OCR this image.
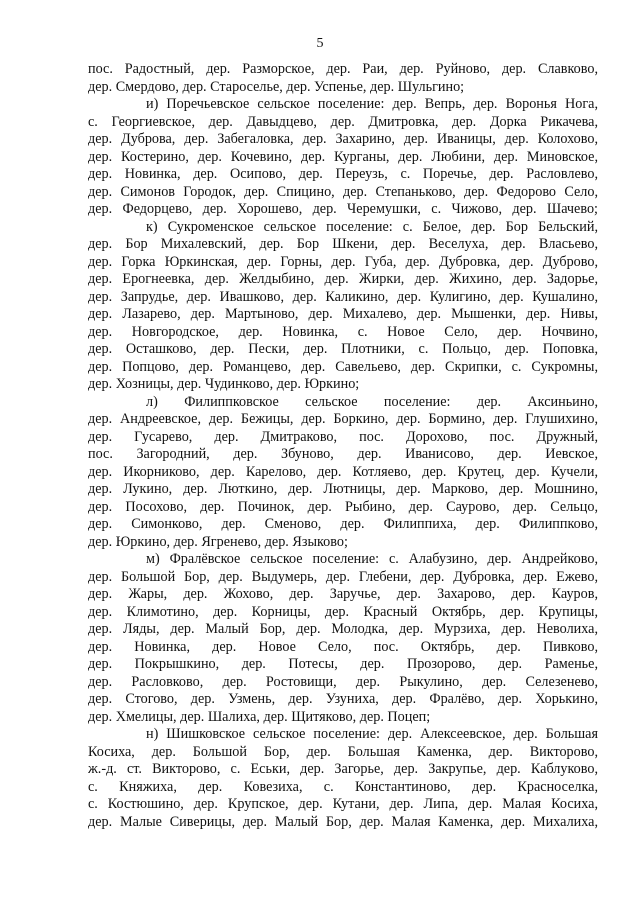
5
пос. Радостный, дер. Разморское, дер. Раи, дер. Руйново, дер. Славково,
дер. Смердово, дер. Староселье, дер. Успенье, дер. Шульгино;
и) Поречьевское сельское поселение: дер. Вепрь, дер. Воронья Нога,
с. Георгиевское, дер. Давыдцево, дер. Дмитровка, дер. Дорка Рикачева,
дер. Дуброва, дер. Забегаловка, дер. Захарино, дер. Иваницы, дер. Колохово,
дер. Костерино, дер. Кочевино, дер. Курганы, дер. Любини, дер. Миновское,
дер. Новинка, дер. Осипово, дер. Переузь, с. Поречье, дер. Расловлево,
дер. Симонов Городок, дер. Спицино, дер. Степаньково, дер. Федорово Село,
дер. Федорцево, дер. Хорошево, дер. Черемушки, с. Чижово, дер. Шачево;
к) Сукроменское сельское поселение: с. Белое, дер. Бор Бельский,
дер. Бор Михалевский, дер. Бор Шкени, дер. Веселуха, дер. Власьево,
дер. Горка Юркинская, дер. Горны, дер. Губа, дер. Дубровка, дер. Дуброво,
дер. Ерогнеевка, дер. Желдыбино, дер. Жирки, дер. Жихино, дер. Задорье,
дер. Запрудье, дер. Ивашково, дер. Каликино, дер. Кулигино, дер. Кушалино,
дер. Лазарево, дер. Мартыново, дер. Михалево, дер. Мышенки, дер. Нивы,
дер. Новгородское, дер. Новинка, с. Новое Село, дер. Ночвино,
дер. Осташково, дер. Пески, дер. Плотники, с. Польцо, дер. Поповка,
дер. Попцово, дер. Романцево, дер. Савельево, дер. Скрипки, с. Сукромны,
дер. Хозницы, дер. Чудинково, дер. Юркино;
л) Филиппковское сельское поселение: дер. Аксиньино,
дер. Андреевское, дер. Бежицы, дер. Боркино, дер. Бормино, дер. Глушихино,
дер. Гусарево, дер. Дмитраково, пос. Дорохово, пос. Дружный,
пос. Загородний, дер. Збуново, дер. Иванисово, дер. Иевское,
дер. Икорниково, дер. Карелово, дер. Котляево, дер. Крутец, дер. Кучели,
дер. Лукино, дер. Люткино, дер. Лютницы, дер. Марково, дер. Мошнино,
дер. Посохово, дер. Починок, дер. Рыбино, дер. Саурово, дер. Сельцо,
дер. Симонково, дер. Сменово, дер. Филиппиха, дер. Филиппково,
дер. Юркино, дер. Ягренево, дер. Языково;
м) Фралёвское сельское поселение: с. Алабузино, дер. Андрейково,
дер. Большой Бор, дер. Выдумерь, дер. Глебени, дер. Дубровка, дер. Ежево,
дер. Жары, дер. Жохово, дер. Заручье, дер. Захарово, дер. Кауров,
дер. Климотино, дер. Корницы, дер. Красный Октябрь, дер. Крупицы,
дер. Ляды, дер. Малый Бор, дер. Молодка, дер. Мурзиха, дер. Неволиха,
дер. Новинка, дер. Новое Село, пос. Октябрь, дер. Пивково,
дер. Покрышкино, дер. Потесы, дер. Прозорово, дер. Раменье,
дер. Расловково, дер. Ростовищи, дер. Рыкулино, дер. Селезенево,
дер. Стогово, дер. Узмень, дер. Узуниха, дер. Фралёво, дер. Хорькино,
дер. Хмелицы, дер. Шалиха, дер. Щитяково, дер. Поцеп;
н) Шишковское сельское поселение: дер. Алексеевское, дер. Большая
Косиха, дер. Большой Бор, дер. Большая Каменка, дер. Викторово,
ж.-д. ст. Викторово, с. Еськи, дер. Загорье, дер. Закрупье, дер. Каблуково,
с. Княжиха, дер. Ковезиха, с. Константиново, дер. Красноселка,
с. Костюшино, дер. Крупское, дер. Кутани, дер. Липа, дер. Малая Косиха,
дер. Малые Сиверицы, дер. Малый Бор, дер. Малая Каменка, дер. Михалиха,
